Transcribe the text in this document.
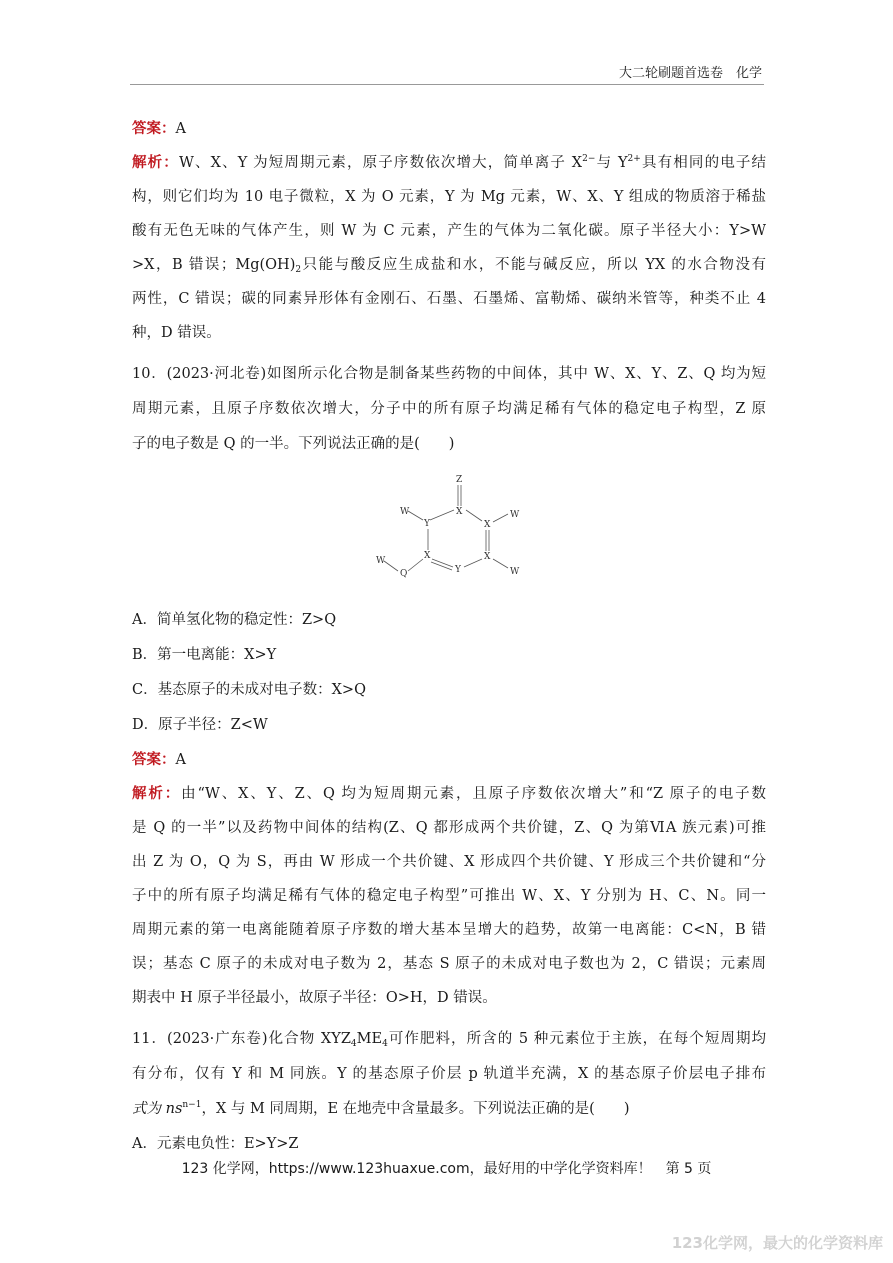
大二轮刷题首选卷　化学
答案：A
解析：W、X、Y 为短周期元素，原子序数依次增大，简单离子 $X^{2-}$与 $Y^{2+}$具有相同的电子结
构，则它们均为 10 电子微粒，X 为 O 元素，Y 为 Mg 元素，W、X、Y 组成的物质溶于稀盐
酸有无色无味的气体产生，则 W 为 C 元素，产生的气体为二氧化碳。原子半径大小：Y>W
>X，B 错误；$Mg(OH)_2$只能与酸反应生成盐和水，不能与碱反应，所以 YX 的水合物没有
两性，C 错误；碳的同素异形体有金刚石、石墨、石墨烯、富勒烯、碳纳米管等，种类不止 4
种，D 错误。
10．(2023·河北卷)如图所示化合物是制备某些药物的中间体，其中 W、X、Y、Z、Q 均为短
周期元素，且原子序数依次增大，分子中的所有原子均满足稀有气体的稳定电子构型，Z 原
子的电子数是 Q 的一半。下列说法正确的是(　　)
Z
X
Y	X
X	X
Y
W	W
W
W
Q
A．简单氢化物的稳定性：Z>Q
B．第一电离能：X>Y
C．基态原子的未成对电子数：X>Q
D．原子半径：Z<W
答案：A
解析：由“W、X、Y、Z、Q 均为短周期元素，且原子序数依次增大”和“Z 原子的电子数
是 Q 的一半”以及药物中间体的结构(Z、Q 都形成两个共价键，Z、Q 为第ⅥA 族元素)可推
出 Z 为 O，Q 为 S，再由 W 形成一个共价键、X 形成四个共价键、Y 形成三个共价键和“分
子中的所有原子均满足稀有气体的稳定电子构型”可推出 W、X、Y 分别为 H、C、N。同一
周期元素的第一电离能随着原子序数的增大基本呈增大的趋势，故第一电离能：C<N，B 错
误；基态 C 原子的未成对电子数为 2，基态 S 原子的未成对电子数也为 2，C 错误；元素周
期表中 H 原子半径最小，故原子半径：O>H，D 错误。
11．(2023·广东卷)化合物 $XYZ_4ME_4$可作肥料，所含的 5 种元素位于主族，在每个短周期均
有分布，仅有 Y 和 M 同族。Y 的基态原子价层 p 轨道半充满，X 的基态原子价层电子排布
式为 $ns^{n-1}$，X 与 M 同周期，E 在地壳中含量最多。下列说法正确的是(　　)
A．元素电负性：E>Y>Z
123 化学网，https://www.123huaxue.com，最好用的中学化学资料库！　第 5 页
123化学网，最大的化学资料库
